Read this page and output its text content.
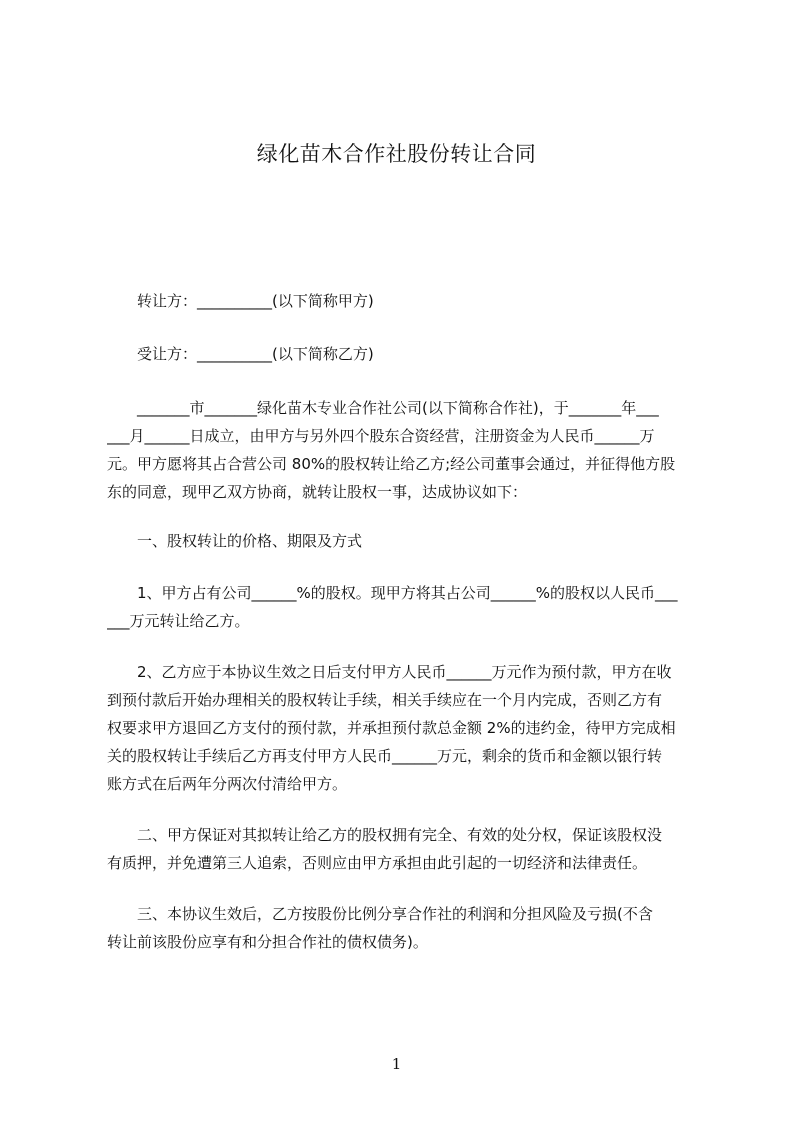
绿化苗木合作社股份转让合同
　　转让方：__________(以下简称甲方)
　　受让方：__________(以下简称乙方)
　　_______市_______绿化苗木专业合作社公司(以下简称合作社)，于_______年___
___月______日成立，由甲方与另外四个股东合资经营，注册资金为人民币______万
元。甲方愿将其占合营公司 80%的股权转让给乙方;经公司董事会通过，并征得他方股
东的同意，现甲乙双方协商，就转让股权一事，达成协议如下：
　　一、股权转让的价格、期限及方式
　　1、甲方占有公司______%的股权。现甲方将其占公司______%的股权以人民币___
___万元转让给乙方。
　　2、乙方应于本协议生效之日后支付甲方人民币______万元作为预付款，甲方在收
到预付款后开始办理相关的股权转让手续，相关手续应在一个月内完成，否则乙方有
权要求甲方退回乙方支付的预付款，并承担预付款总金额 2%的违约金，待甲方完成相
关的股权转让手续后乙方再支付甲方人民币______万元，剩余的货币和金额以银行转
账方式在后两年分两次付清给甲方。
　　二、甲方保证对其拟转让给乙方的股权拥有完全、有效的处分权，保证该股权没
有质押，并免遭第三人追索，否则应由甲方承担由此引起的一切经济和法律责任。
　　三、本协议生效后，乙方按股份比例分享合作社的利润和分担风险及亏损(不含
转让前该股份应享有和分担合作社的债权债务)。
1
